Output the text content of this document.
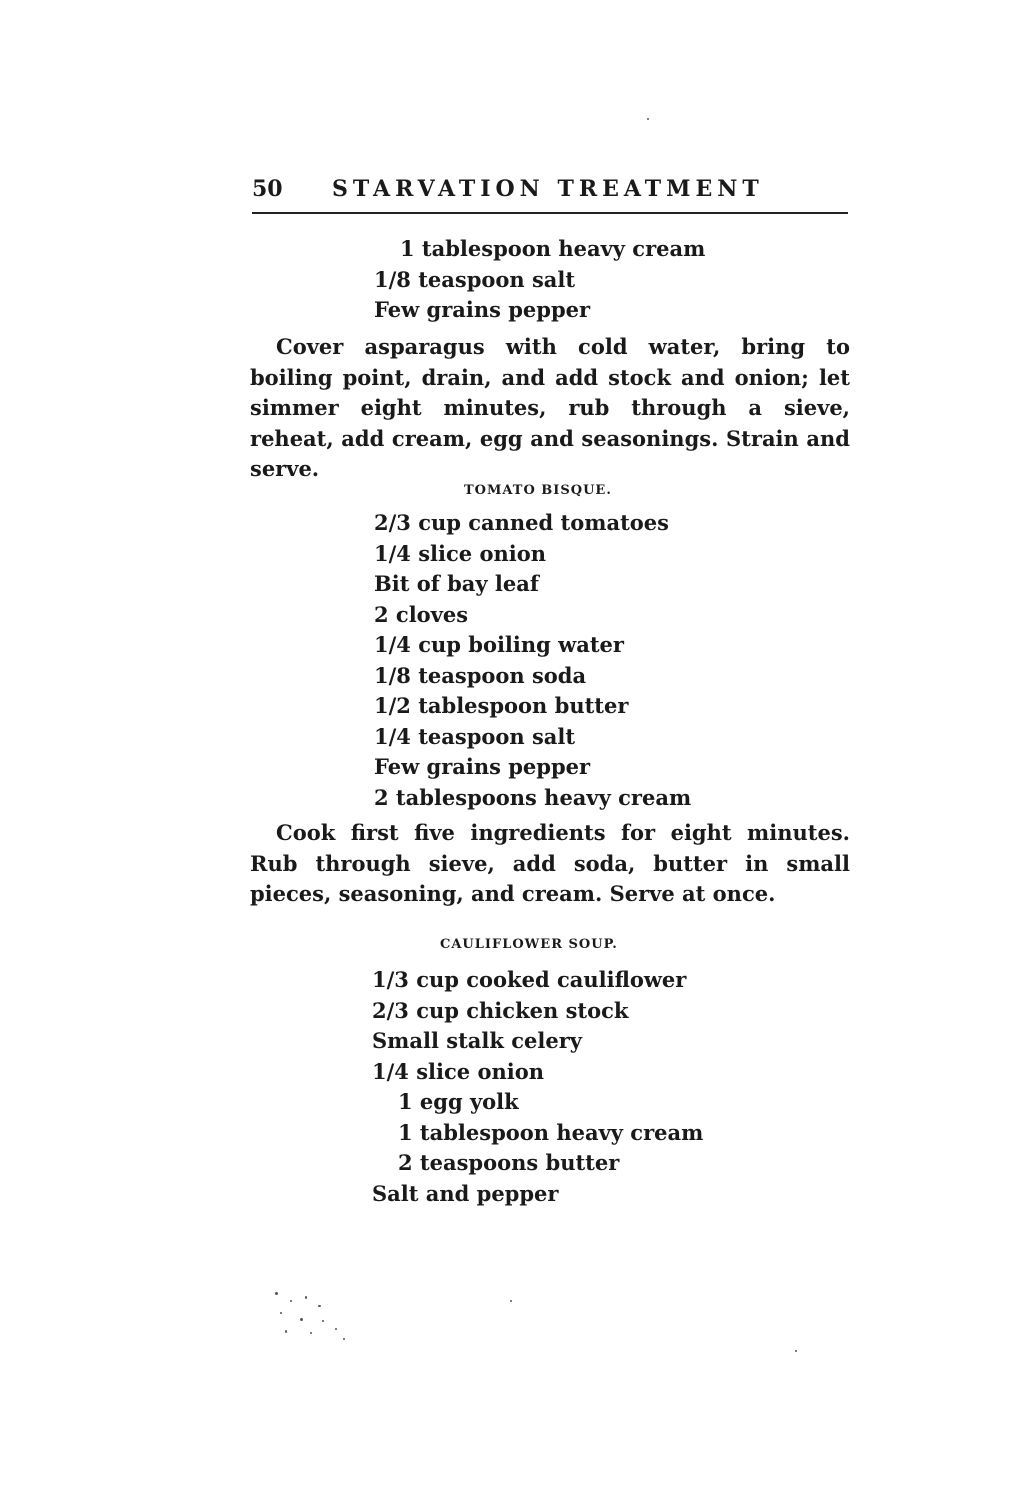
50 STARVATION TREATMENT
1 tablespoon heavy cream
1/8 teaspoon salt
Few grains pepper

Cover asparagus with cold water, bring to boiling point, drain, and add stock and onion; let simmer eight minutes, rub through a sieve, reheat, add cream, egg and seasonings. Strain and serve.

TOMATO BISQUE.
2/3 cup canned tomatoes
1/4 slice onion
Bit of bay leaf
2 cloves
1/4 cup boiling water
1/8 teaspoon soda
1/2 tablespoon butter
1/4 teaspoon salt
Few grains pepper
2 tablespoons heavy cream

Cook first five ingredients for eight minutes. Rub through sieve, add soda, butter in small pieces, seasoning, and cream. Serve at once.

CAULIFLOWER SOUP.
1/3 cup cooked cauliflower
2/3 cup chicken stock
Small stalk celery
1/4 slice onion
1 egg yolk
1 tablespoon heavy cream
2 teaspoons butter
Salt and pepper
